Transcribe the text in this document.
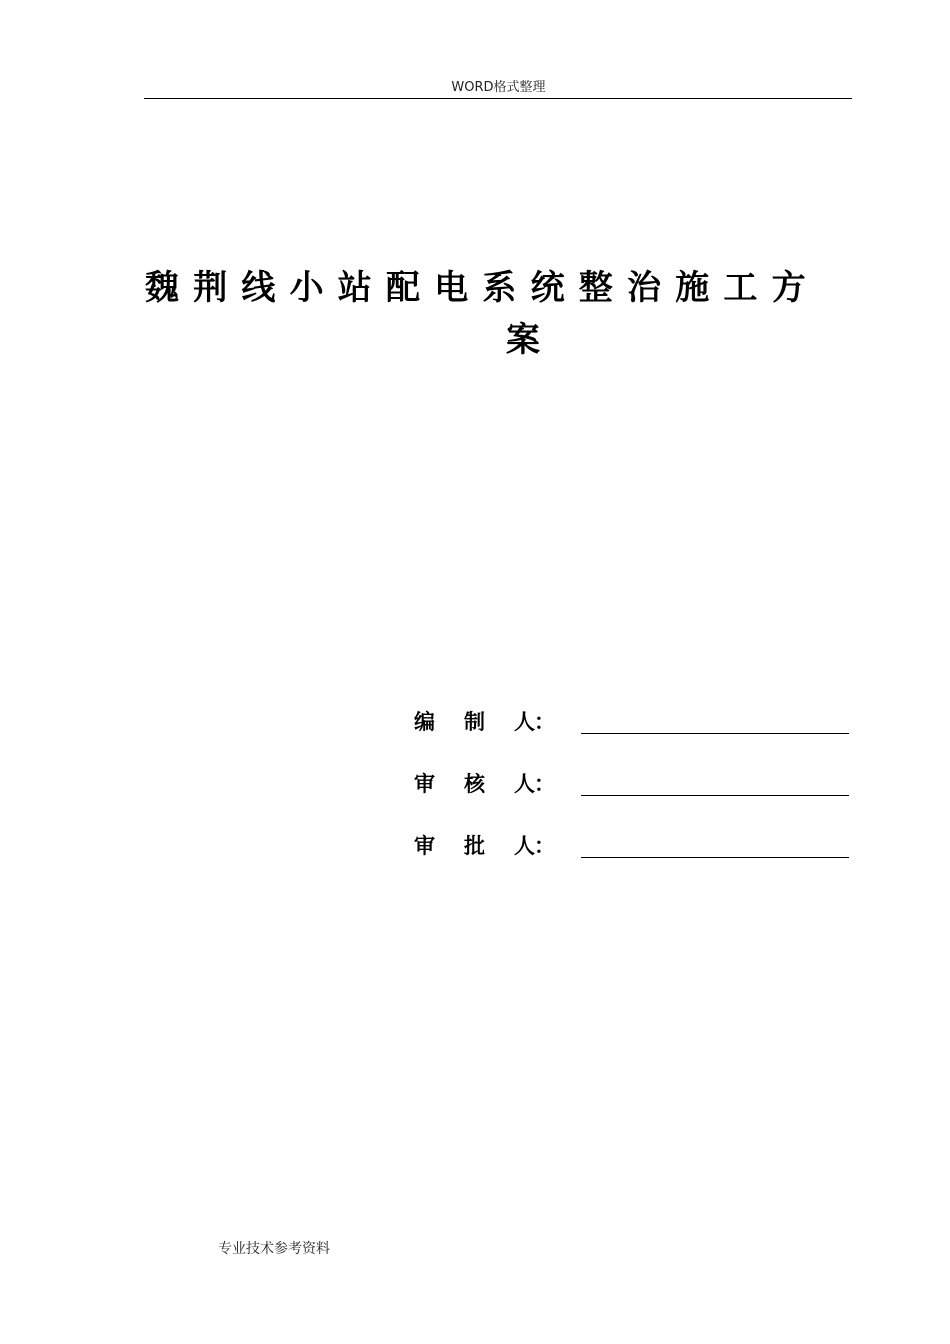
WORD格式整理
魏荆线小站配电系统整治施工方
案
编 制 人：
审 核 人：
审 批 人：
专业技术参考资料
